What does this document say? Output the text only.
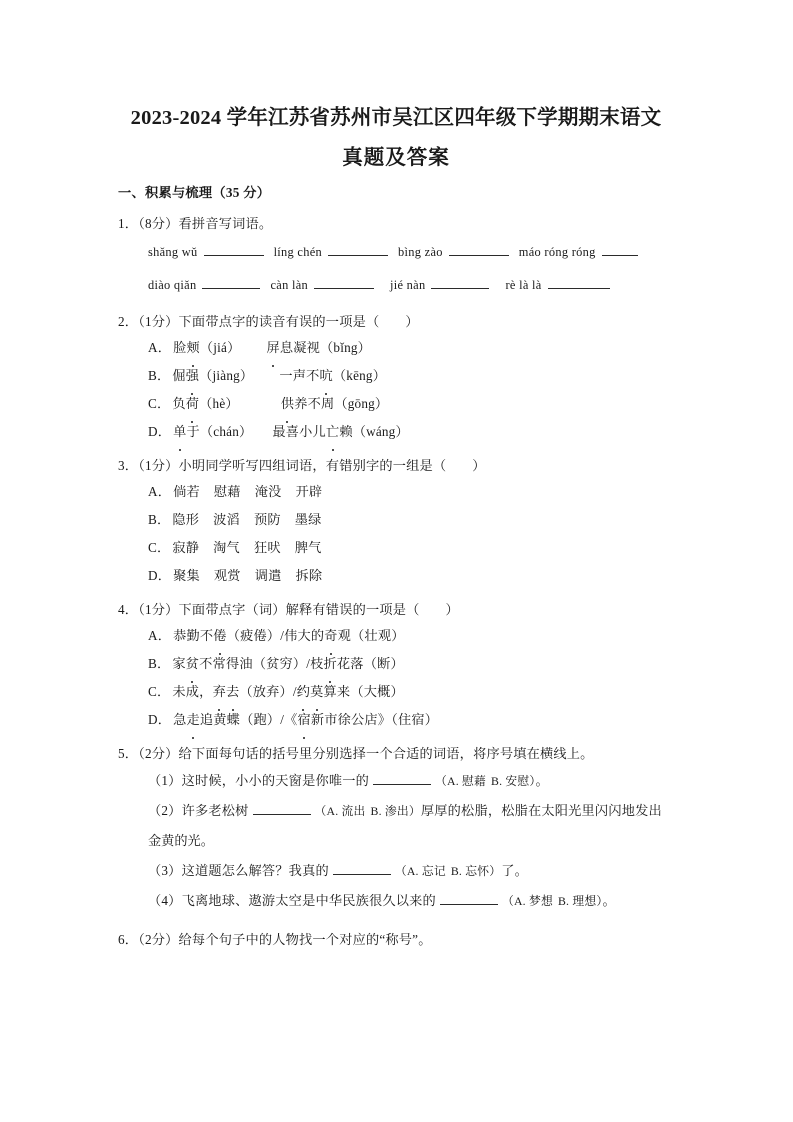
2023-2024 学年江苏省苏州市吴江区四年级下学期期末语文
真题及答案
一、积累与梳理（35 分）
1．（8分）看拼音写词语。
shǎng wǔ	líng chén	bìng zào	máo róng róng
diào qiǎn	càn làn	jié nàn	rè là là
2．（1分）下面带点字的读音有误的一项是（ ）
A． 脸颊（jiá） 屏息凝视（bǐng）
B． 倔强（jiàng） 一声不吭（kēng）
C． 负荷（hè）	供养不周（gōng）
D． 单于（chán） 最喜小儿亡赖（wáng）
3．（1分）小明同学听写四组词语，有错别字的一组是（ ）
A． 倘若 慰藉 淹没 开辟
B． 隐形 波滔 预防 墨绿
C． 寂静 淘气 狂吠 脾气
D． 聚集 观赏 调遣 拆除
4．（1分）下面带点字（词）解释有错误的一项是（ ）
A． 恭勤不倦（疲倦）/伟大的奇观（壮观）
B． 家贫不常得油（贫穷）/枝折花落（断）
C． 未成，弃去（放弃）/约莫算来（大概）
D． 急走追黄蝶（跑）/《宿新市徐公店》（住宿）
5．（2分）给下面每句话的括号里分别选择一个合适的词语，将序号填在横线上。
（1）这时候，小小的天窗是你唯一的	（A. 慰藉 B. 安慰）。
（2）许多老松树	（A. 流出 B. 渗出）厚厚的松脂，松脂在太阳光里闪闪地发出
金黄的光。
（3）这道题怎么解答？我真的	（A. 忘记 B. 忘怀）了。
（4）飞离地球、遨游太空是中华民族很久以来的	（A. 梦想 B. 理想）。
6．（2分）给每个句子中的人物找一个对应的“称号”。
